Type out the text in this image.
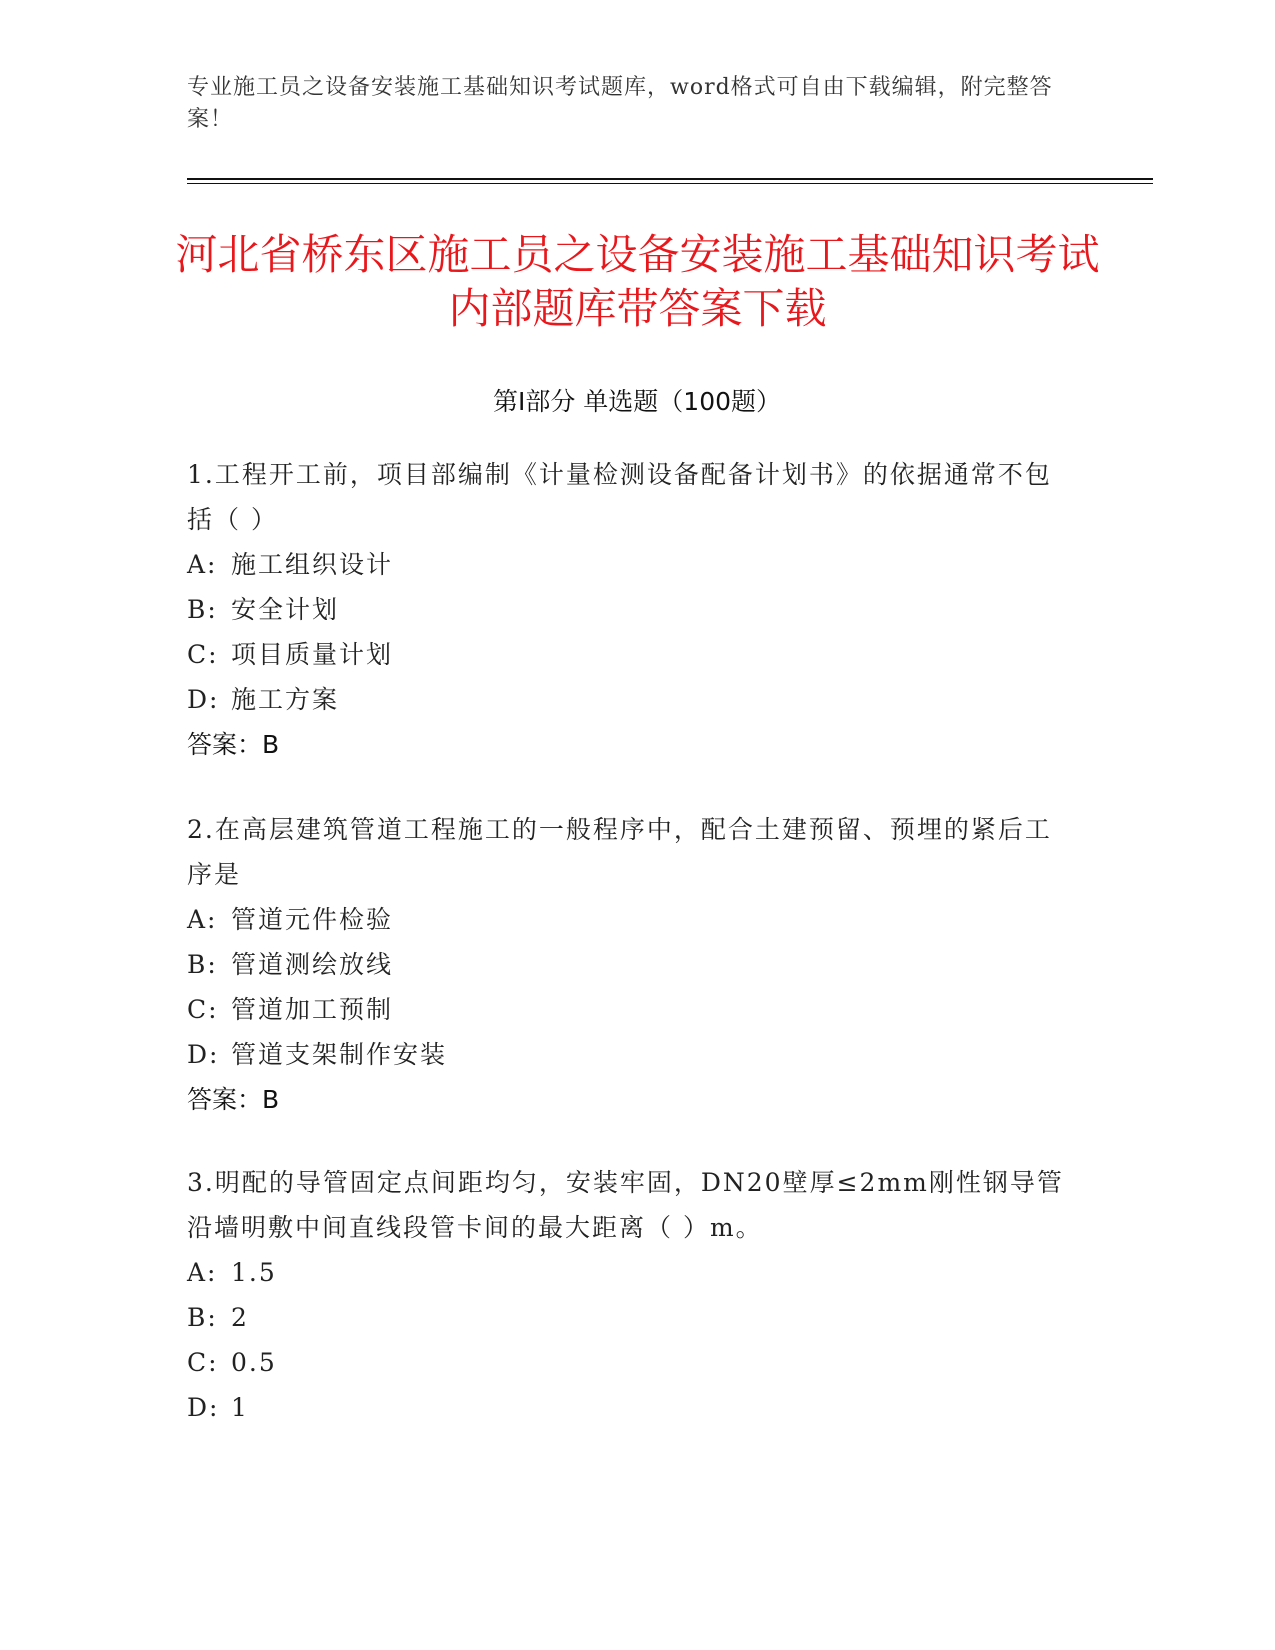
专业施工员之设备安装施工基础知识考试题库，word格式可自由下载编辑，附完整答案！
河北省桥东区施工员之设备安装施工基础知识考试内部题库带答案下载
第I部分 单选题（100题）

1.工程开工前，项目部编制《计量检测设备配备计划书》的依据通常不包括（ ）

A: 施工组织设计

B: 安全计划

C: 项目质量计划

D: 施工方案

答案：B

2.在高层建筑管道工程施工的一般程序中，配合土建预留、预埋的紧后工序是

A: 管道元件检验

B: 管道测绘放线

C: 管道加工预制

D: 管道支架制作安装

答案：B

3.明配的导管固定点间距均匀，安装牢固，DN20壁厚≤2mm刚性钢导管沿墙明敷中间直线段管卡间的最大距离（ ）m。

A: 1.5

B: 2

C: 0.5

D: 1
